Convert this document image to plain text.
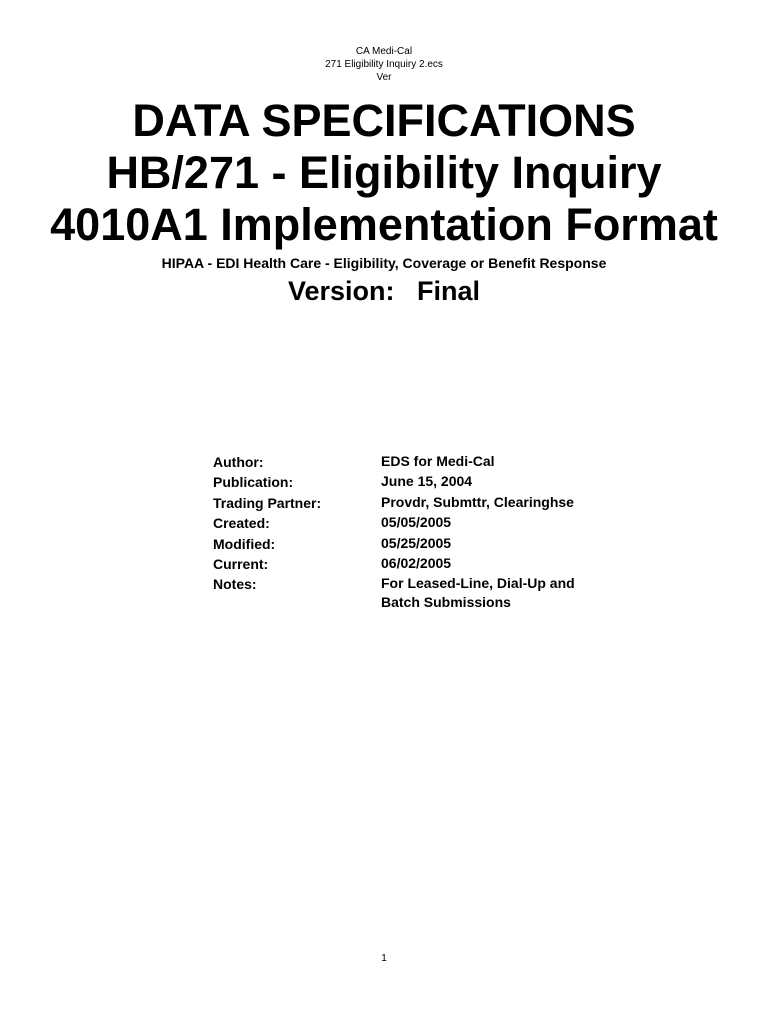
CA Medi-Cal
271 Eligibility Inquiry 2.ecs
Ver
DATA SPECIFICATIONS
HB/271 - Eligibility Inquiry
4010A1 Implementation Format
HIPAA - EDI Health Care - Eligibility, Coverage or Benefit Response
Version:   Final
Author:	EDS for Medi-Cal
Publication:	June 15, 2004
Trading Partner:	Provdr, Submttr, Clearinghse
Created:	05/05/2005
Modified:	05/25/2005
Current:	06/02/2005
Notes:	For Leased-Line, Dial-Up and Batch Submissions
1
